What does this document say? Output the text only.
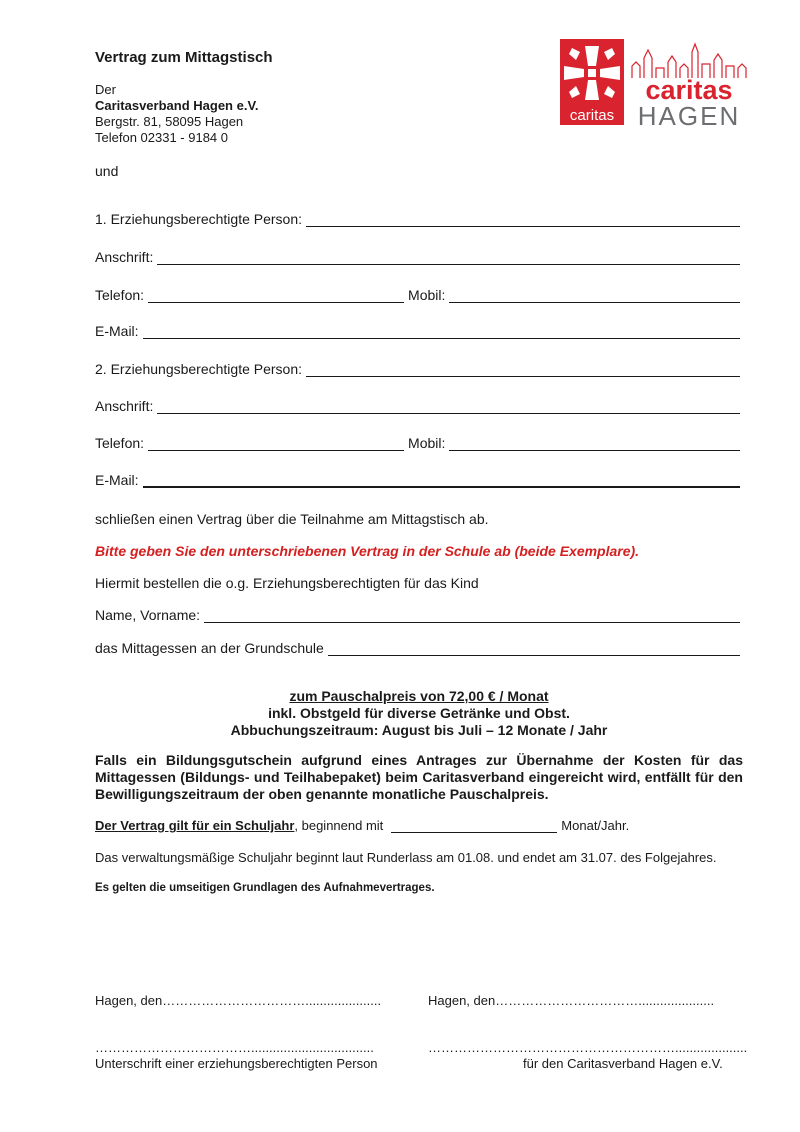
Vertrag zum Mittagstisch
Der
Caritasverband Hagen e.V.
Bergstr. 81, 58095 Hagen
Telefon 02331 - 9184 0
und
caritas
caritas
HAGEN
1. Erziehungsberechtigte Person:
Anschrift:
Telefon:	Mobil:
E-Mail:
2. Erziehungsberechtigte Person:
Anschrift:
Telefon:	Mobil:
E-Mail:
schließen einen Vertrag über die Teilnahme am Mittagstisch ab.
Bitte geben Sie den unterschriebenen Vertrag in der Schule ab (beide Exemplare).
Hiermit bestellen die o.g. Erziehungsberechtigten für das Kind
Name, Vorname:
das Mittagessen an der Grundschule
zum Pauschalpreis von 72,00 € / Monat
inkl. Obstgeld für diverse Getränke und Obst.
Abbuchungszeitraum: August bis Juli – 12 Monate / Jahr
Falls ein Bildungsgutschein aufgrund eines Antrages zur Übernahme der Kosten für das Mittagessen (Bildungs- und Teilhabepaket) beim Caritasverband eingereicht wird, entfällt für den Bewilligungszeitraum der oben genannte monatliche Pauschalpreis.
Der Vertrag gilt für ein Schuljahr , beginnend mit	Monat/Jahr.
Das verwaltungsmäßige Schuljahr beginnt laut Runderlass am 01.08. und endet am 31.07. des Folgejahres.
Es gelten die umseitigen Grundlagen des Aufnahmevertrages.
Hagen, den…………………………….....................	Hagen, den…………………………….....................
………………………………..................................	…………………………………………………....................
Unterschrift einer erziehungsberechtigten Person	für den Caritasverband Hagen e.V.
